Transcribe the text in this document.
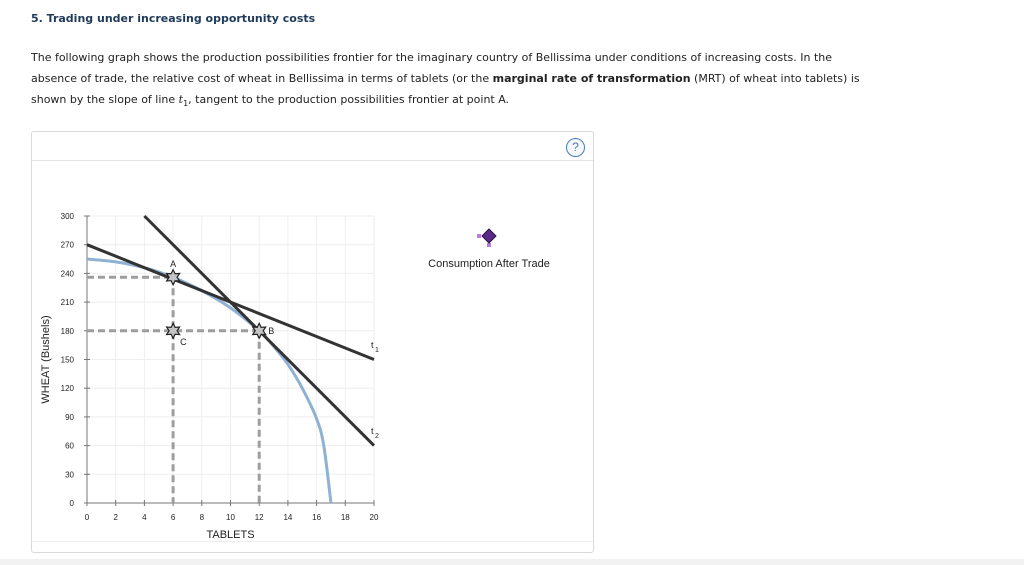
5. Trading under increasing opportunity costs
The following graph shows the production possibilities frontier for the imaginary country of Bellissima under conditions of increasing costs. In the absence of trade, the relative cost of wheat in Bellissima in terms of tablets (or the marginal rate of transformation (MRT) of wheat into tablets) is shown by the slope of line $t_1$, tangent to the production possibilities frontier at point A.
?
0	2	4	6	8	10 12 14 16 18 20
0
30
60
90
120
150
180
210
240
270
300
TABLETS
WHEAT (Bushels)	t
1
t
2
A
B
C
Consumption After Trade
